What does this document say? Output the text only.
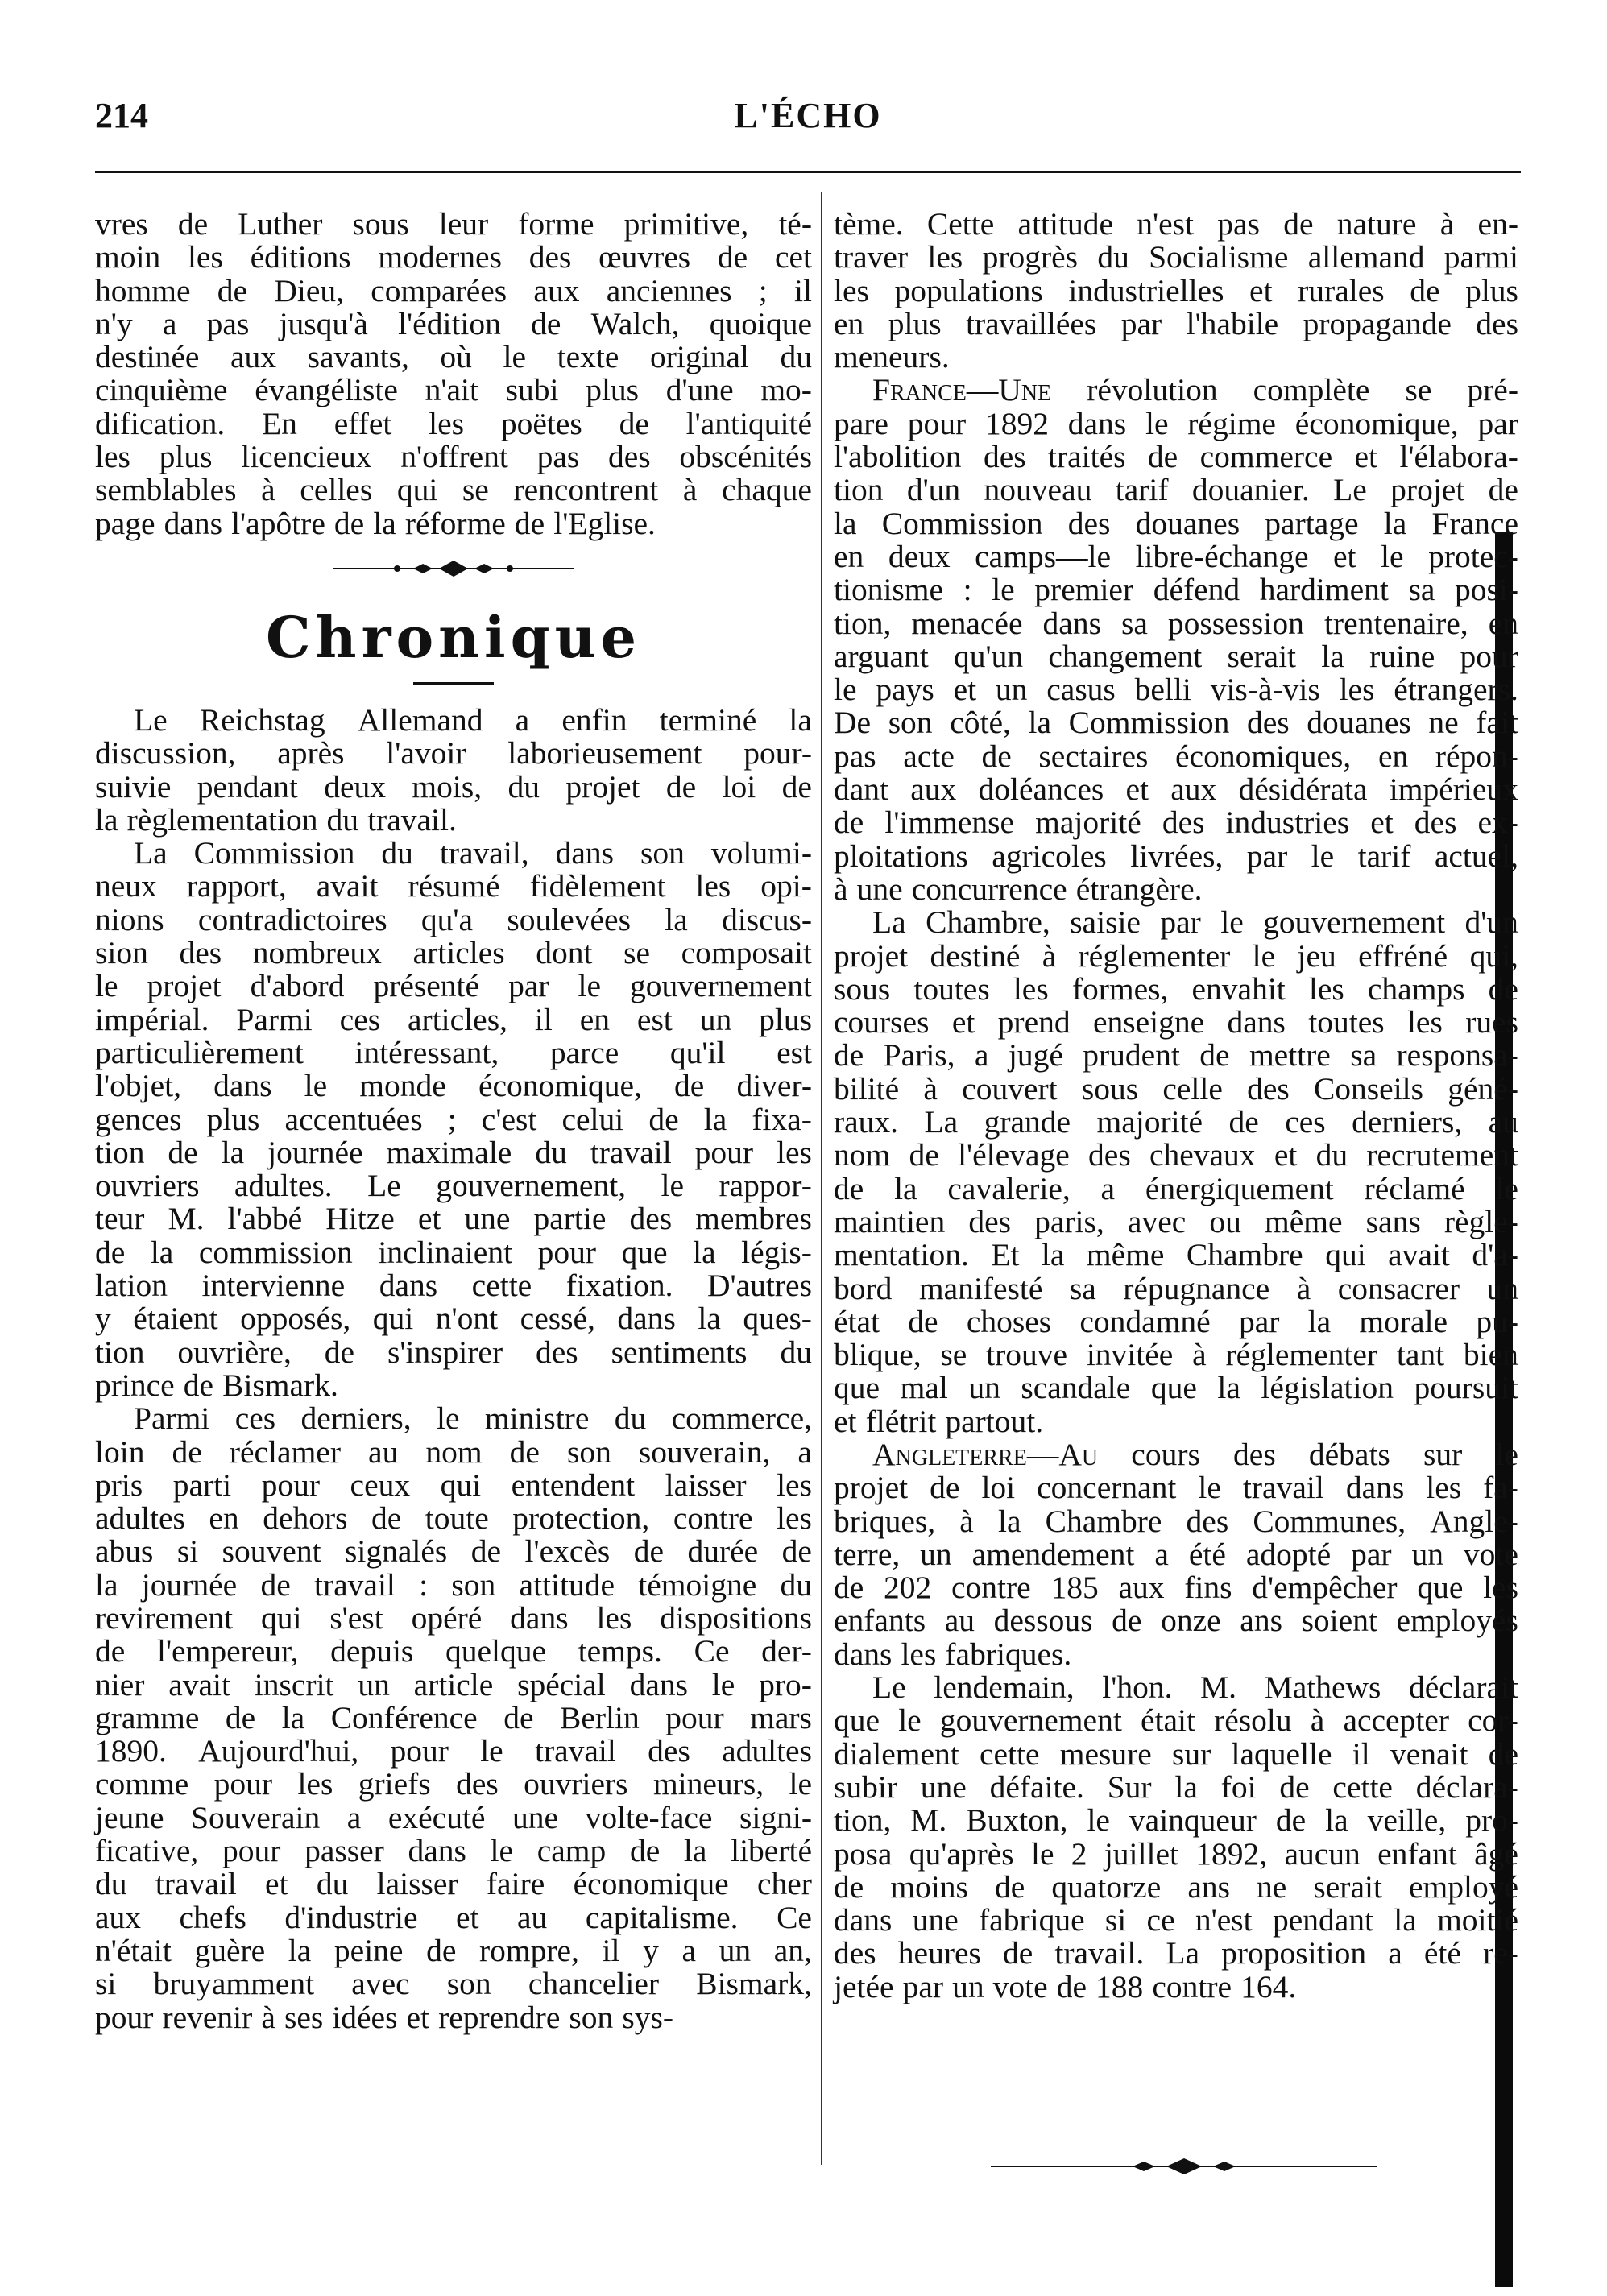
214	L'ÉCHO
vres de Luther sous leur forme primitive, té-
moin les éditions modernes des œuvres de cet
homme de Dieu, comparées aux anciennes ; il
n'y a pas jusqu'à l'édition de Walch, quoique
destinée aux savants, où le texte original du
cinquième évangéliste n'ait subi plus d'une mo-
dification. En effet les poëtes de l'antiquité
les plus licencieux n'offrent pas des obscénités
semblables à celles qui se rencontrent à chaque
page dans l'apôtre de la réforme de l'Eglise.
Chronique
Le Reichstag Allemand a enfin terminé la
discussion, après l'avoir laborieusement pour-
suivie pendant deux mois, du projet de loi de
la règlementation du travail.
La Commission du travail, dans son volumi-
neux rapport, avait résumé fidèlement les opi-
nions contradictoires qu'a soulevées la discus-
sion des nombreux articles dont se composait
le projet d'abord présenté par le gouvernement
impérial. Parmi ces articles, il en est un plus
particulièrement intéressant, parce qu'il est
l'objet, dans le monde économique, de diver-
gences plus accentuées ; c'est celui de la fixa-
tion de la journée maximale du travail pour les
ouvriers adultes. Le gouvernement, le rappor-
teur M. l'abbé Hitze et une partie des membres
de la commission inclinaient pour que la légis-
lation intervienne dans cette fixation. D'autres
y étaient opposés, qui n'ont cessé, dans la ques-
tion ouvrière, de s'inspirer des sentiments du
prince de Bismark.
Parmi ces derniers, le ministre du commerce,
loin de réclamer au nom de son souverain, a
pris parti pour ceux qui entendent laisser les
adultes en dehors de toute protection, contre les
abus si souvent signalés de l'excès de durée de
la journée de travail : son attitude témoigne du
revirement qui s'est opéré dans les dispositions
de l'empereur, depuis quelque temps. Ce der-
nier avait inscrit un article spécial dans le pro-
gramme de la Conférence de Berlin pour mars
1890. Aujourd'hui, pour le travail des adultes
comme pour les griefs des ouvriers mineurs, le
jeune Souverain a exécuté une volte-face signi-
ficative, pour passer dans le camp de la liberté
du travail et du laisser faire économique cher
aux chefs d'industrie et au capitalisme. Ce
n'était guère la peine de rompre, il y a un an,
si bruyamment avec son chancelier Bismark,
pour revenir à ses idées et reprendre son sys-
tème. Cette attitude n'est pas de nature à en-
traver les progrès du Socialisme allemand parmi
les populations industrielles et rurales de plus
en plus travaillées par l'habile propagande des
meneurs.
France—Une révolution complète se pré-
pare pour 1892 dans le régime économique, par
l'abolition des traités de commerce et l'élabora-
tion d'un nouveau tarif douanier. Le projet de
la Commission des douanes partage la France
en deux camps—le libre-échange et le protec-
tionisme : le premier défend hardiment sa posi-
tion, menacée dans sa possession trentenaire, en
arguant qu'un changement serait la ruine pour
le pays et un casus belli vis-à-vis les étrangers.
De son côté, la Commission des douanes ne fait
pas acte de sectaires économiques, en répon-
dant aux doléances et aux désidérata impérieux
de l'immense majorité des industries et des ex-
ploitations agricoles livrées, par le tarif actuel,
à une concurrence étrangère.
La Chambre, saisie par le gouvernement d'un
projet destiné à réglementer le jeu effréné qui,
sous toutes les formes, envahit les champs de
courses et prend enseigne dans toutes les rues
de Paris, a jugé prudent de mettre sa responsa-
bilité à couvert sous celle des Conseils géné-
raux. La grande majorité de ces derniers, au
nom de l'élevage des chevaux et du recrutement
de la cavalerie, a énergiquement réclamé le
maintien des paris, avec ou même sans règle-
mentation. Et la même Chambre qui avait d'a-
bord manifesté sa répugnance à consacrer un
état de choses condamné par la morale pu-
blique, se trouve invitée à réglementer tant bien
que mal un scandale que la législation poursuit
et flétrit partout.
Angleterre—Au cours des débats sur le
projet de loi concernant le travail dans les fa-
briques, à la Chambre des Communes, Angle-
terre, un amendement a été adopté par un vote
de 202 contre 185 aux fins d'empêcher que les
enfants au dessous de onze ans soient employés
dans les fabriques.
Le lendemain, l'hon. M. Mathews déclarait
que le gouvernement était résolu à accepter cor-
dialement cette mesure sur laquelle il venait de
subir une défaite. Sur la foi de cette déclara-
tion, M. Buxton, le vainqueur de la veille, pro-
posa qu'après le 2 juillet 1892, aucun enfant âgé
de moins de quatorze ans ne serait employé
dans une fabrique si ce n'est pendant la moitié
des heures de travail. La proposition a été re-
jetée par un vote de 188 contre 164.
